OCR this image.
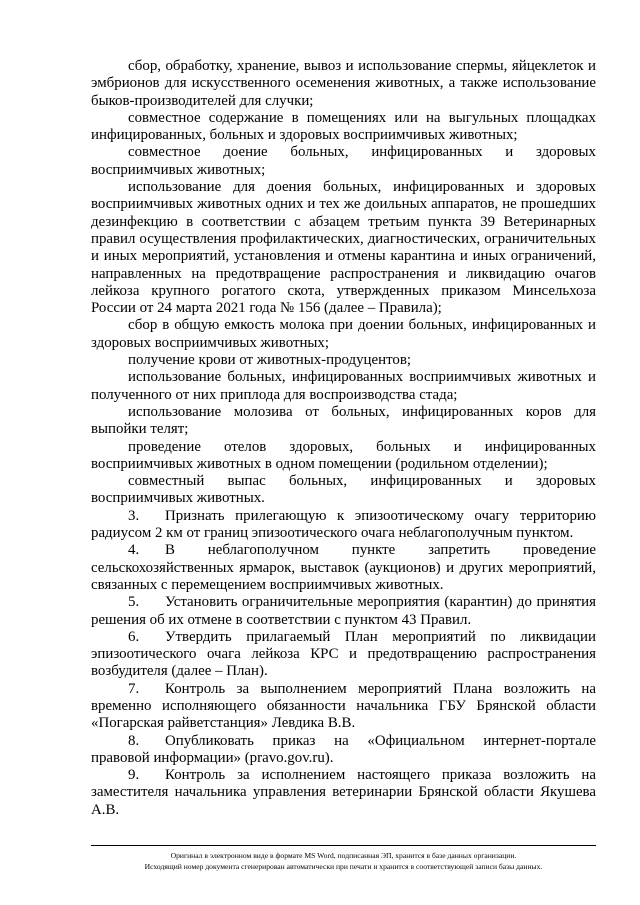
сбор, обработку, хранение, вывоз и использование спермы, яйцеклеток и эмбрионов для искусственного осеменения животных, а также использование быков-производителей для случки;

совместное содержание в помещениях или на выгульных площадках инфицированных, больных и здоровых восприимчивых животных;

совместное доение больных, инфицированных и здоровых восприимчивых животных;

использование для доения больных, инфицированных и здоровых восприимчивых животных одних и тех же доильных аппаратов, не прошедших дезинфекцию в соответствии с абзацем третьим пункта 39 Ветеринарных правил осуществления профилактических, диагностических, ограничительных и иных мероприятий, установления и отмены карантина и иных ограничений, направленных на предотвращение распространения и ликвидацию очагов лейкоза крупного рогатого скота, утвержденных приказом Минсельхоза России от 24 марта 2021 года № 156 (далее – Правила);

сбор в общую емкость молока при доении больных, инфицированных и здоровых восприимчивых животных;

получение крови от животных-продуцентов;

использование больных, инфицированных восприимчивых животных и полученного от них приплода для воспроизводства стада;

использование молозива от больных, инфицированных коров для выпойки телят;

проведение отелов здоровых, больных и инфицированных восприимчивых животных в одном помещении (родильном отделении);

совместный выпас больных, инфицированных и здоровых восприимчивых животных.

3. Признать прилегающую к эпизоотическому очагу территорию радиусом 2 км от границ эпизоотического очага неблагополучным пунктом.

4. В неблагополучном пункте запретить проведение сельскохозяйственных ярмарок, выставок (аукционов) и других мероприятий, связанных с перемещением восприимчивых животных.

5. Установить ограничительные мероприятия (карантин) до принятия решения об их отмене в соответствии с пунктом 43 Правил.

6. Утвердить прилагаемый План мероприятий по ликвидации эпизоотического очага лейкоза КРС и предотвращению распространения возбудителя (далее – План).

7. Контроль за выполнением мероприятий Плана возложить на временно исполняющего обязанности начальника ГБУ Брянской области «Погарская райветстанция» Левдика В.В.

8. Опубликовать приказ на «Официальном интернет-портале правовой информации» (pravo.gov.ru).

9. Контроль за исполнением настоящего приказа возложить на заместителя начальника управления ветеринарии Брянской области Якушева А.В.

Оригинал в электронном виде в формате MS Word, подписанная ЭП, хранится в базе данных организации.
Исходящий номер документа сгенерирован автоматически при печати и хранится в соответствующей записи базы данных.
